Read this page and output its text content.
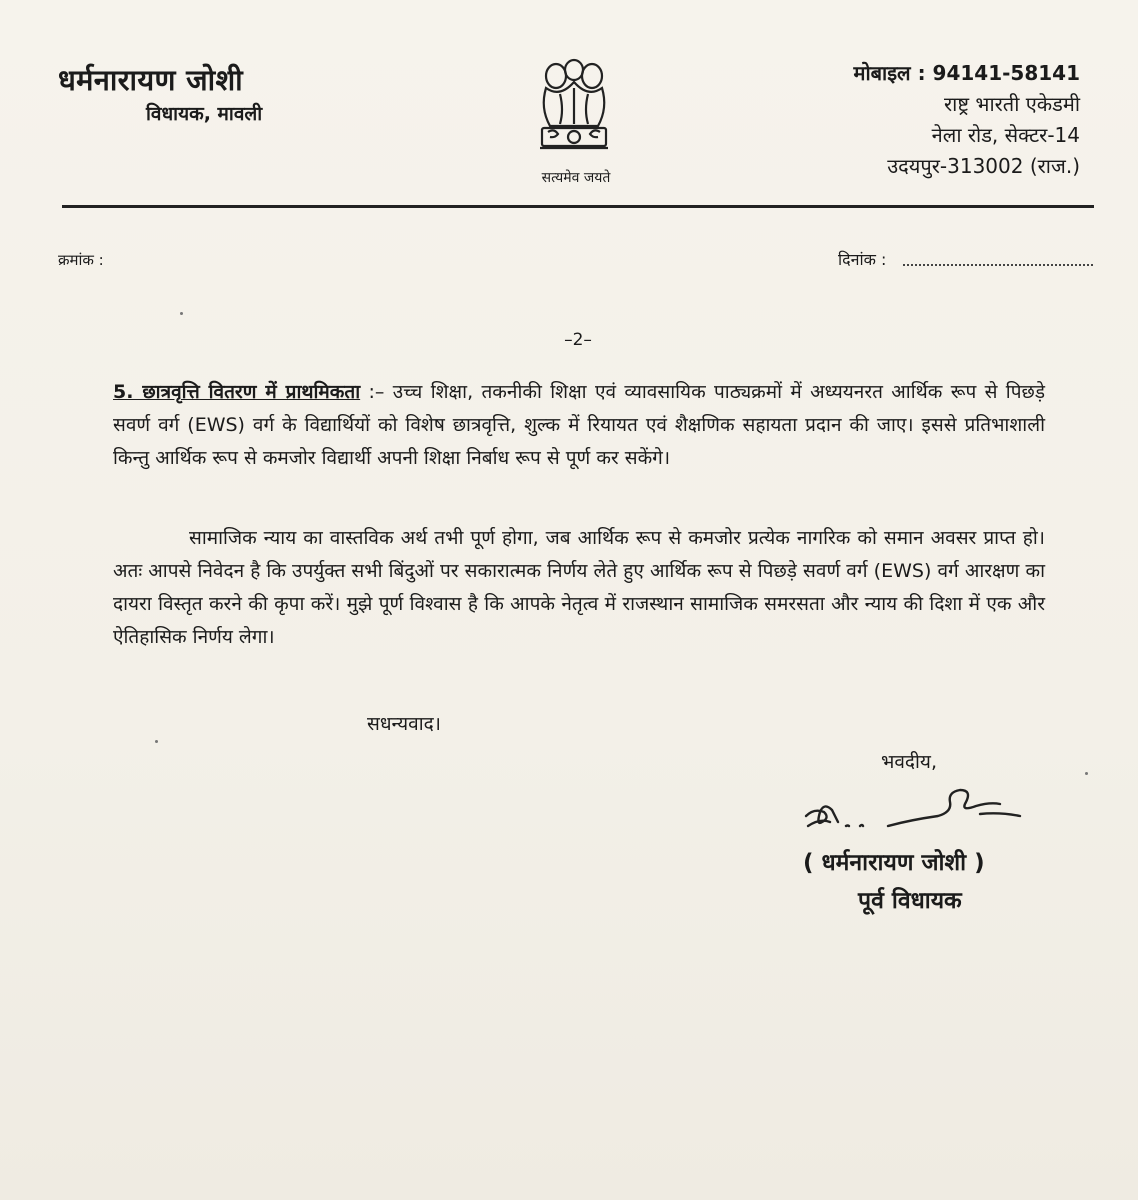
धर्मनारायण जोशी
विधायक, मावली
सत्यमेव जयते
मोबाइल : 94141-58141
राष्ट्र भारती एकेडमी
नेला रोड, सेक्टर-14
उदयपुर-313002 (राज.)
क्रमांक :	दिनांक :
–2–
5. छात्रवृत्ति वितरण में प्राथमिकता :– उच्च शिक्षा, तकनीकी शिक्षा एवं व्यावसायिक पाठ्यक्रमों में अध्ययनरत आर्थिक रूप से पिछड़े सवर्ण वर्ग (EWS) वर्ग के विद्यार्थियों को विशेष छात्रवृत्ति, शुल्क में रियायत एवं शैक्षणिक सहायता प्रदान की जाए। इससे प्रतिभाशाली किन्तु आर्थिक रूप से कमजोर विद्यार्थी अपनी शिक्षा निर्बाध रूप से पूर्ण कर सकेंगे।
सामाजिक न्याय का वास्तविक अर्थ तभी पूर्ण होगा, जब आर्थिक रूप से कमजोर प्रत्येक नागरिक को समान अवसर प्राप्त हो। अतः आपसे निवेदन है कि उपर्युक्त सभी बिंदुओं पर सकारात्मक निर्णय लेते हुए आर्थिक रूप से पिछड़े सवर्ण वर्ग (EWS) वर्ग आरक्षण का दायरा विस्तृत करने की कृपा करें। मुझे पूर्ण विश्वास है कि आपके नेतृत्व में राजस्थान सामाजिक समरसता और न्याय की दिशा में एक और ऐतिहासिक निर्णय लेगा।
सधन्यवाद।
भवदीय,
( धर्मनारायण जोशी )
पूर्व विधायक
